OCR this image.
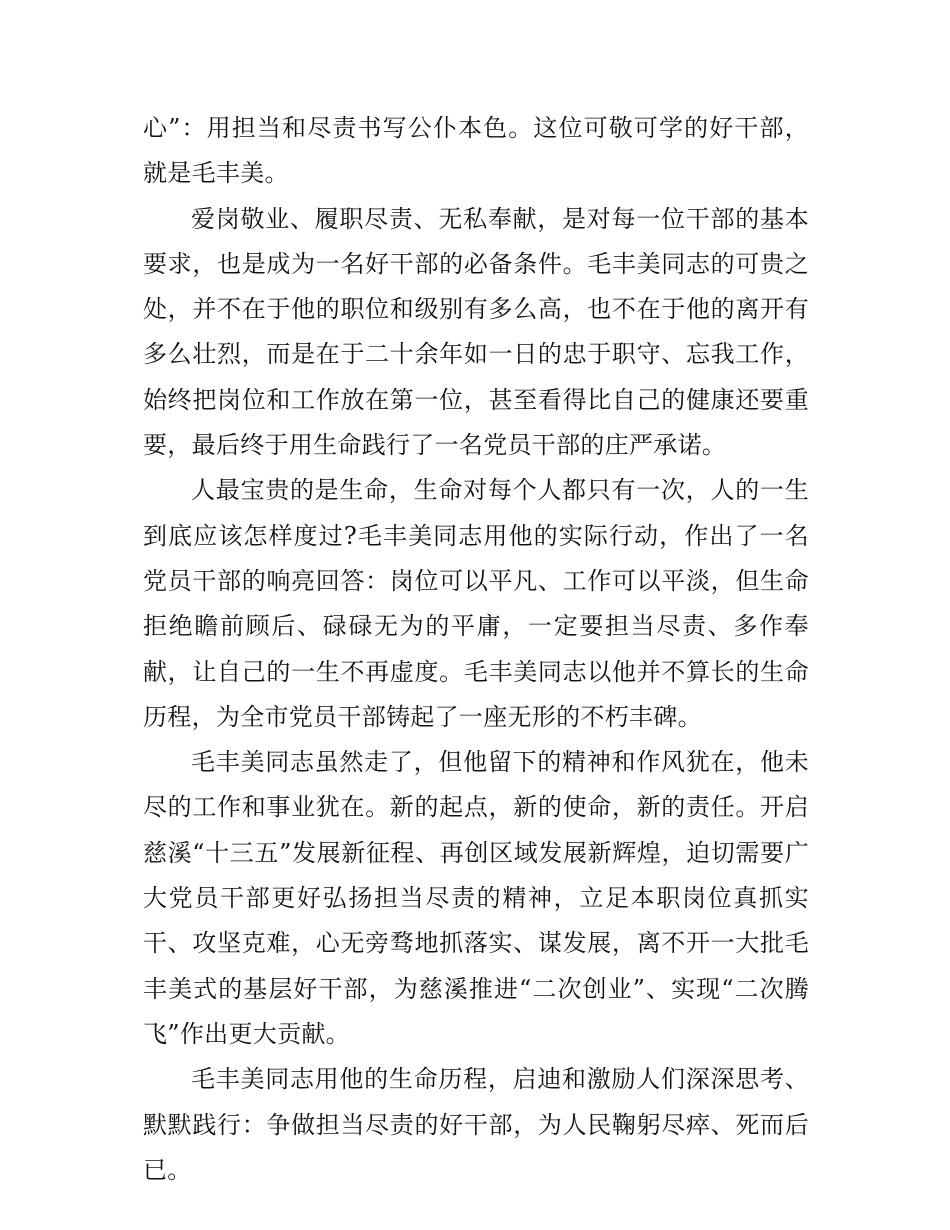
心”：用担当和尽责书写公仆本色。这位可敬可学的好干部，就是毛丰美。

爱岗敬业、履职尽责、无私奉献，是对每一位干部的基本要求，也是成为一名好干部的必备条件。毛丰美同志的可贵之处，并不在于他的职位和级别有多么高，也不在于他的离开有多么壮烈，而是在于二十余年如一日的忠于职守、忘我工作，始终把岗位和工作放在第一位，甚至看得比自己的健康还要重要，最后终于用生命践行了一名党员干部的庄严承诺。

人最宝贵的是生命，生命对每个人都只有一次，人的一生到底应该怎样度过?毛丰美同志用他的实际行动，作出了一名党员干部的响亮回答：岗位可以平凡、工作可以平淡，但生命拒绝瞻前顾后、碌碌无为的平庸，一定要担当尽责、多作奉献，让自己的一生不再虚度。毛丰美同志以他并不算长的生命历程，为全市党员干部铸起了一座无形的不朽丰碑。

毛丰美同志虽然走了，但他留下的精神和作风犹在，他未尽的工作和事业犹在。新的起点，新的使命，新的责任。开启慈溪“十三五”发展新征程、再创区域发展新辉煌，迫切需要广大党员干部更好弘扬担当尽责的精神，立足本职岗位真抓实干、攻坚克难，心无旁骛地抓落实、谋发展，离不开一大批毛丰美式的基层好干部，为慈溪推进“二次创业”、实现“二次腾飞”作出更大贡献。

毛丰美同志用他的生命历程，启迪和激励人们深深思考、默默践行：争做担当尽责的好干部，为人民鞠躬尽瘁、死而后已。
